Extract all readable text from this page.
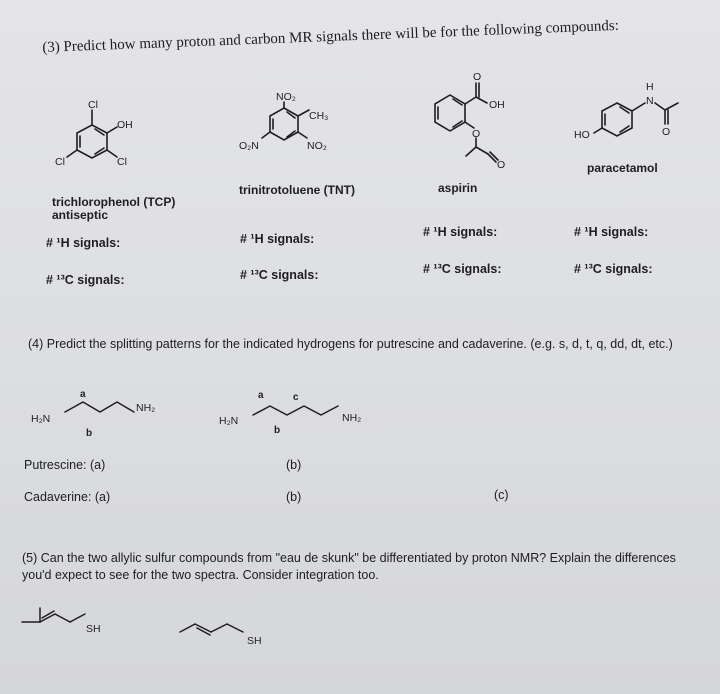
(3) Predict how many proton and carbon MR signals there will be for the following compounds:
Cl
OH
Cl
Cl
NO₂
CH₃
NO₂
O₂N
O
OH
O
O
HO
H
N
O
trichlorophenol (TCP)
antiseptic
trinitrotoluene (TNT)	aspirin
paracetamol
# ¹H signals:
# ¹³C signals:
# ¹H signals:
# ¹³C signals:
# ¹H signals:
# ¹³C signals:
# ¹H signals:
# ¹³C signals:
(4) Predict the splitting patterns for the indicated hydrogens for putrescine and cadaverine. (e.g. s, d, t, q, dd, dt, etc.)
H₂N
NH₂
H₂N	NH₂
a
b
a
b
c
Putrescine: (a)	(b)
Cadaverine: (a)	(b)	(c)
(5) Can the two allylic sulfur compounds from "eau de skunk" be differentiated by proton NMR? Explain the differences you'd expect to see for the two spectra. Consider integration too.
SH
SH
